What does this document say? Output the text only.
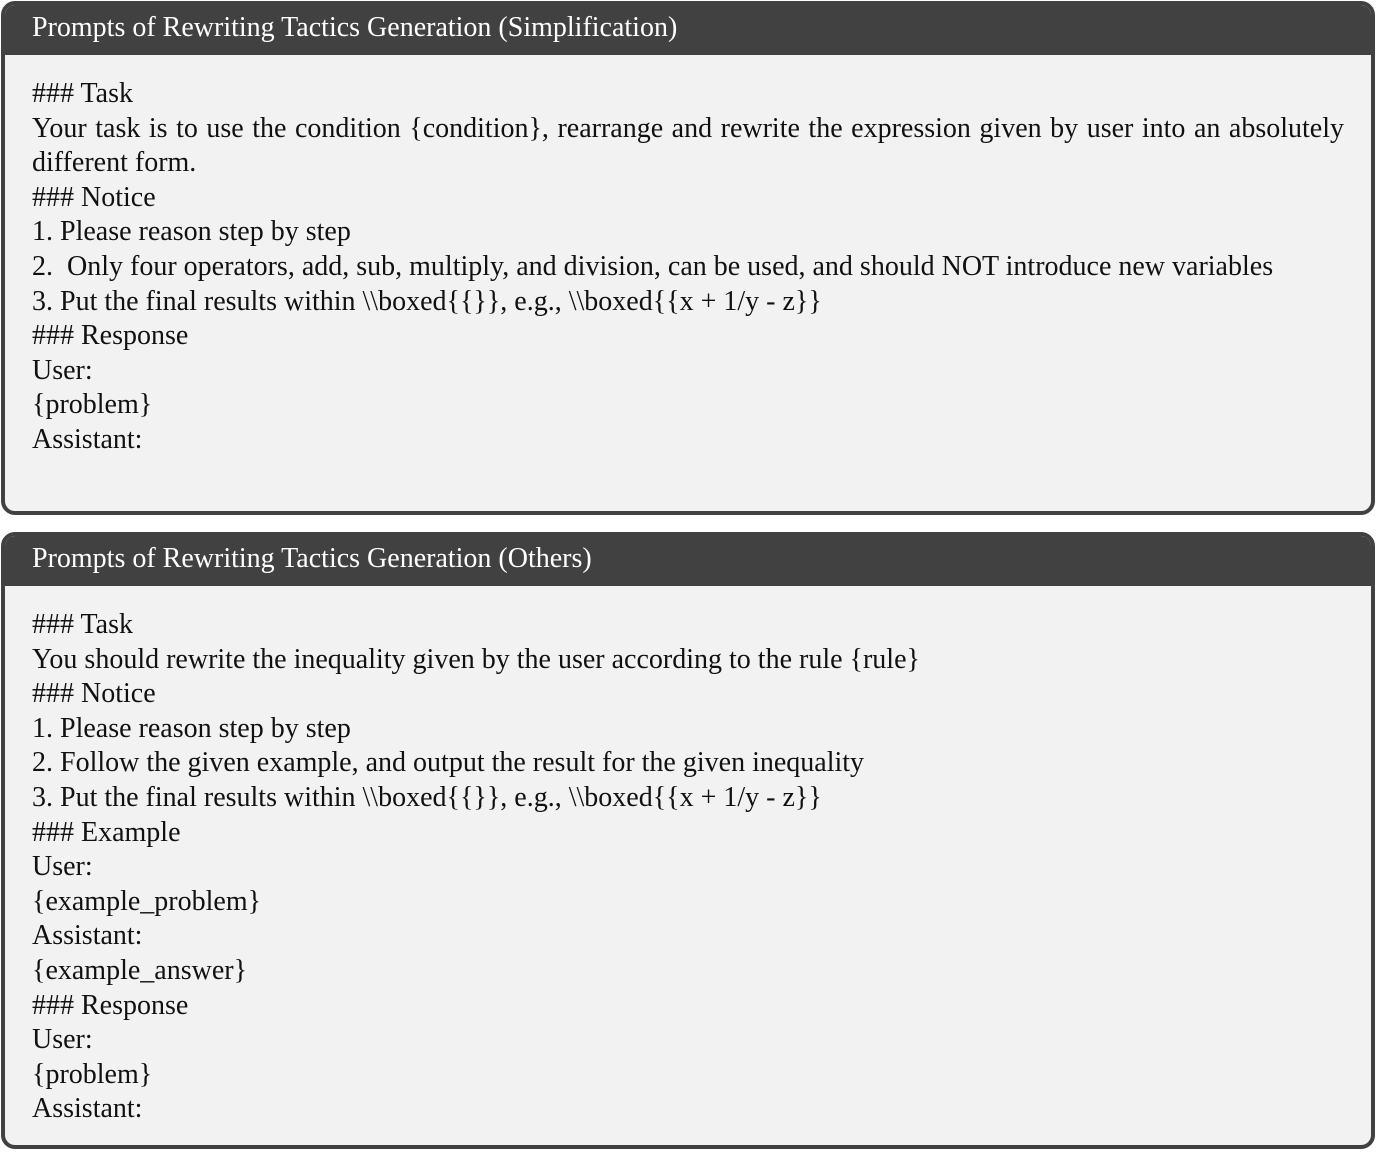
Prompts of Rewriting Tactics Generation (Simplification)
### Task
Your task is to use the condition {condition}, rearrange and rewrite the expression given by user into an absolutely different form.
### Notice
1. Please reason step by step
2.  Only four operators, add, sub, multiply, and division, can be used, and should NOT introduce new variables
3. Put the final results within \\boxed{{}}, e.g., \\boxed{{x + 1/y - z}}
### Response
User:
{problem}
Assistant:
Prompts of Rewriting Tactics Generation (Others)
### Task
You should rewrite the inequality given by the user according to the rule {rule}
### Notice
1. Please reason step by step
2. Follow the given example, and output the result for the given inequality
3. Put the final results within \\boxed{{}}, e.g., \\boxed{{x + 1/y - z}}
### Example
User:
{example_problem}
Assistant:
{example_answer}
### Response
User:
{problem}
Assistant:
